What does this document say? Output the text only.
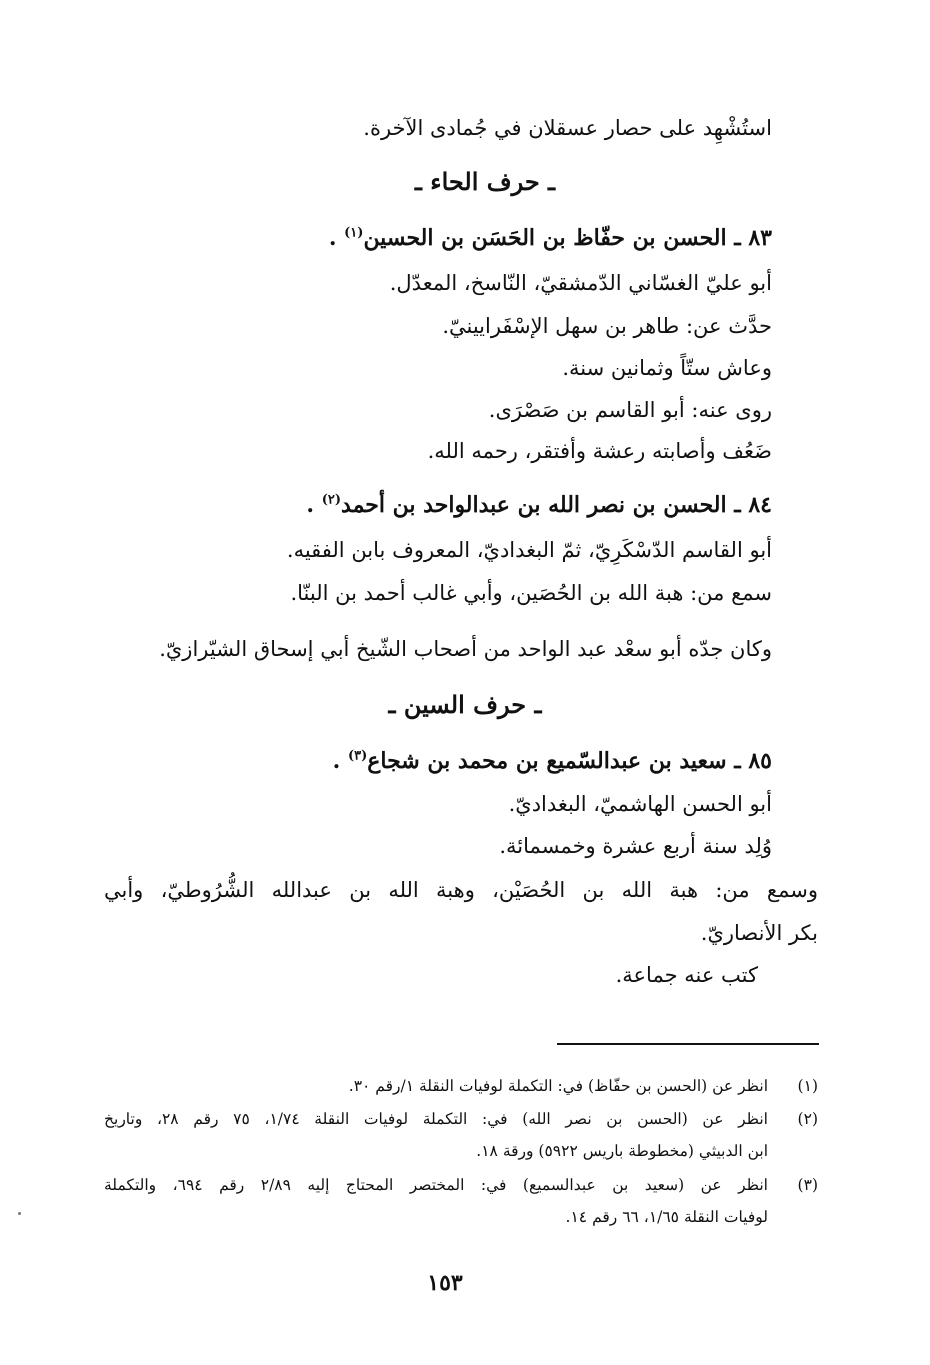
استُشْهِد على حصار عسقلان في جُمادى الآخرة.
ـ حرف الحاء ـ
٨٣ ـ الحسن بن حفّاظ بن الحَسَن بن الحسين$^{(١)}$ .
أبو عليّ الغسّاني الدّمشقيّ، النّاسخ، المعدّل.
حدَّث عن: طاهر بن سهل الإسْفَرايينيّ.
وعاش ستّاً وثمانين سنة.
روى عنه: أبو القاسم بن صَصْرَى.
ضَعُف وأصابته رعشة وأفتقر، رحمه الله.
٨٤ ـ الحسن بن نصر الله بن عبدالواحد بن أحمد$^{(٢)}$ .
أبو القاسم الدّسْكَرِيّ، ثمّ البغداديّ، المعروف بابن الفقيه.
سمع من: هبة الله بن الحُصَين، وأبي غالب أحمد بن البنّا.
وكان جدّه أبو سعْد عبد الواحد من أصحاب الشّيخ أبي إسحاق الشيّرازيّ.
ـ حرف السين ـ
٨٥ ـ سعيد بن عبدالسّميع بن محمد بن شجاع$^{(٣)}$ .
أبو الحسن الهاشميّ، البغداديّ.
وُلِد سنة أربع عشرة وخمسمائة.
وسمع من: هبة الله بن الحُصَيْن، وهبة الله بن عبدالله الشُّرُوطيّ، وأبي
بكر الأنصاريّ.
كتب عنه جماعة.
(١)
انظر عن (الحسن بن حفّاظ) في: التكملة لوفيات النقلة ١/رقم ٣٠.
(٢)
انظر عن (الحسن بن نصر الله) في: التكملة لوفيات النقلة ١/٧٤، ٧٥ رقم ٢٨، وتاريخ
ابن الدبيثي (مخطوطة باريس ٥٩٢٢) ورقة ١٨.
(٣)
انظر عن (سعيد بن عبدالسميع) في: المختصر المحتاج إليه ٢/٨٩ رقم ٦٩٤، والتكملة
لوفيات النقلة ١/٦٥، ٦٦ رقم ١٤.
١٥٣
